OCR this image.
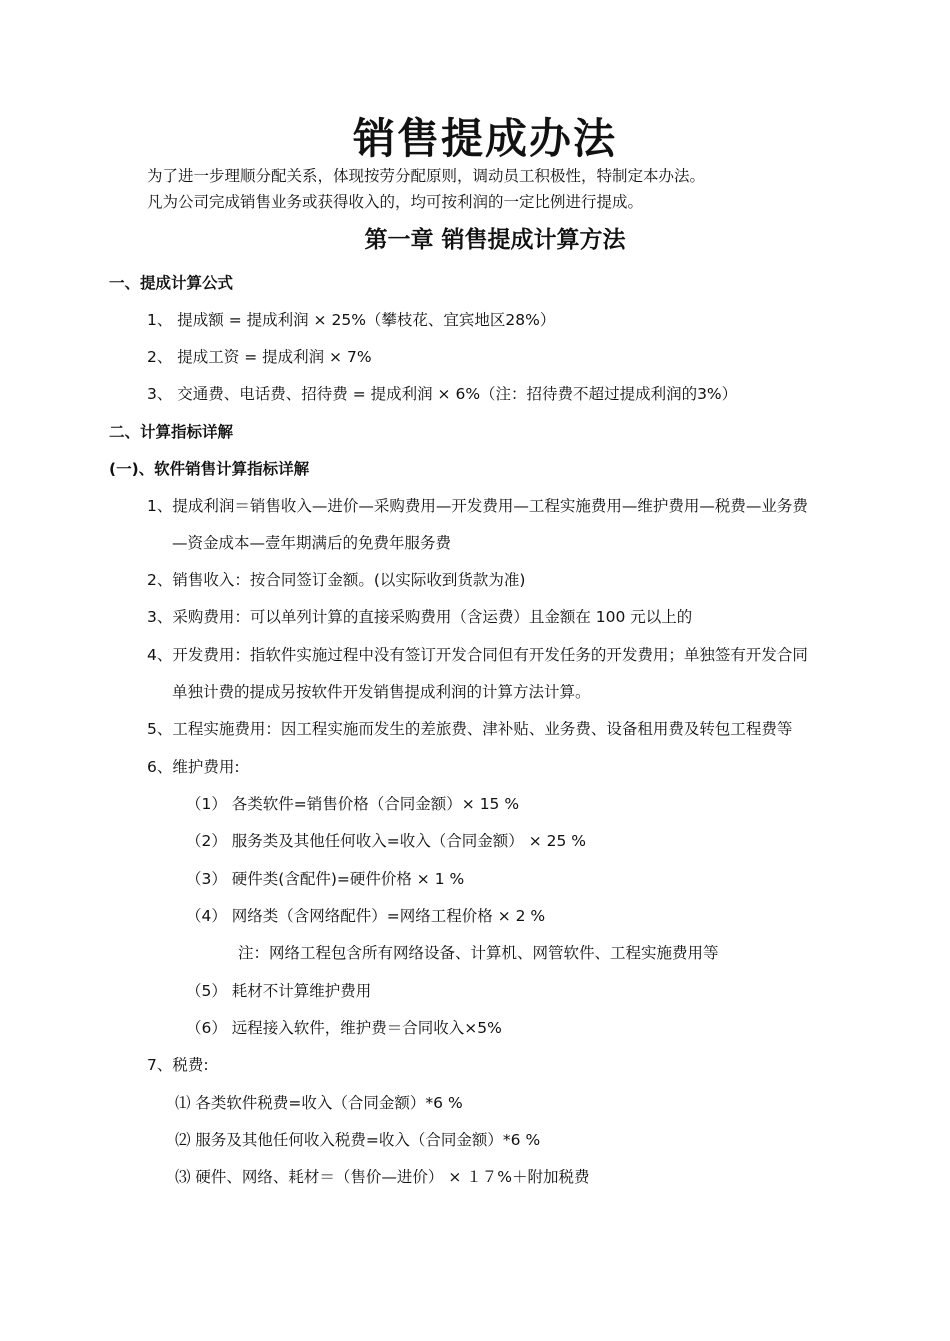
销售提成办法
为了进一步理顺分配关系，体现按劳分配原则，调动员工积极性，特制定本办法。
凡为公司完成销售业务或获得收入的，均可按利润的一定比例进行提成。
第一章 销售提成计算方法
一、提成计算公式
1、 提成额 = 提成利润 × 25%（攀枝花、宜宾地区28%）
2、 提成工资 = 提成利润 × 7%
3、 交通费、电话费、招待费 = 提成利润 × 6%（注：招待费不超过提成利润的3%）
二、计算指标详解
(一)、软件销售计算指标详解
1、提成利润＝销售收入—进价—采购费用—开发费用—工程实施费用—维护费用—税费—业务费
—资金成本—壹年期满后的免费年服务费
2、销售收入：按合同签订金额。(以实际收到货款为准)
3、采购费用：可以单列计算的直接采购费用（含运费）且金额在 100 元以上的
4、开发费用：指软件实施过程中没有签订开发合同但有开发任务的开发费用；单独签有开发合同
单独计费的提成另按软件开发销售提成利润的计算方法计算。
5、工程实施费用：因工程实施而发生的差旅费、津补贴、业务费、设备租用费及转包工程费等
6、维护费用:
（1） 各类软件=销售价格（合同金额）× 15 %
（2） 服务类及其他任何收入=收入（合同金额） × 25 %
（3） 硬件类(含配件)=硬件价格 × 1 %
（4） 网络类（含网络配件）=网络工程价格 × 2 %
注：网络工程包含所有网络设备、计算机、网管软件、工程实施费用等
（5） 耗材不计算维护费用
（6） 远程接入软件，维护费＝合同收入×5%
7、税费:
⑴ 各类软件税费=收入（合同金额）*6 %
⑵ 服务及其他任何收入税费=收入（合同金额）*6 %
⑶ 硬件、网络、耗材＝（售价—进价） × １７%＋附加税费
